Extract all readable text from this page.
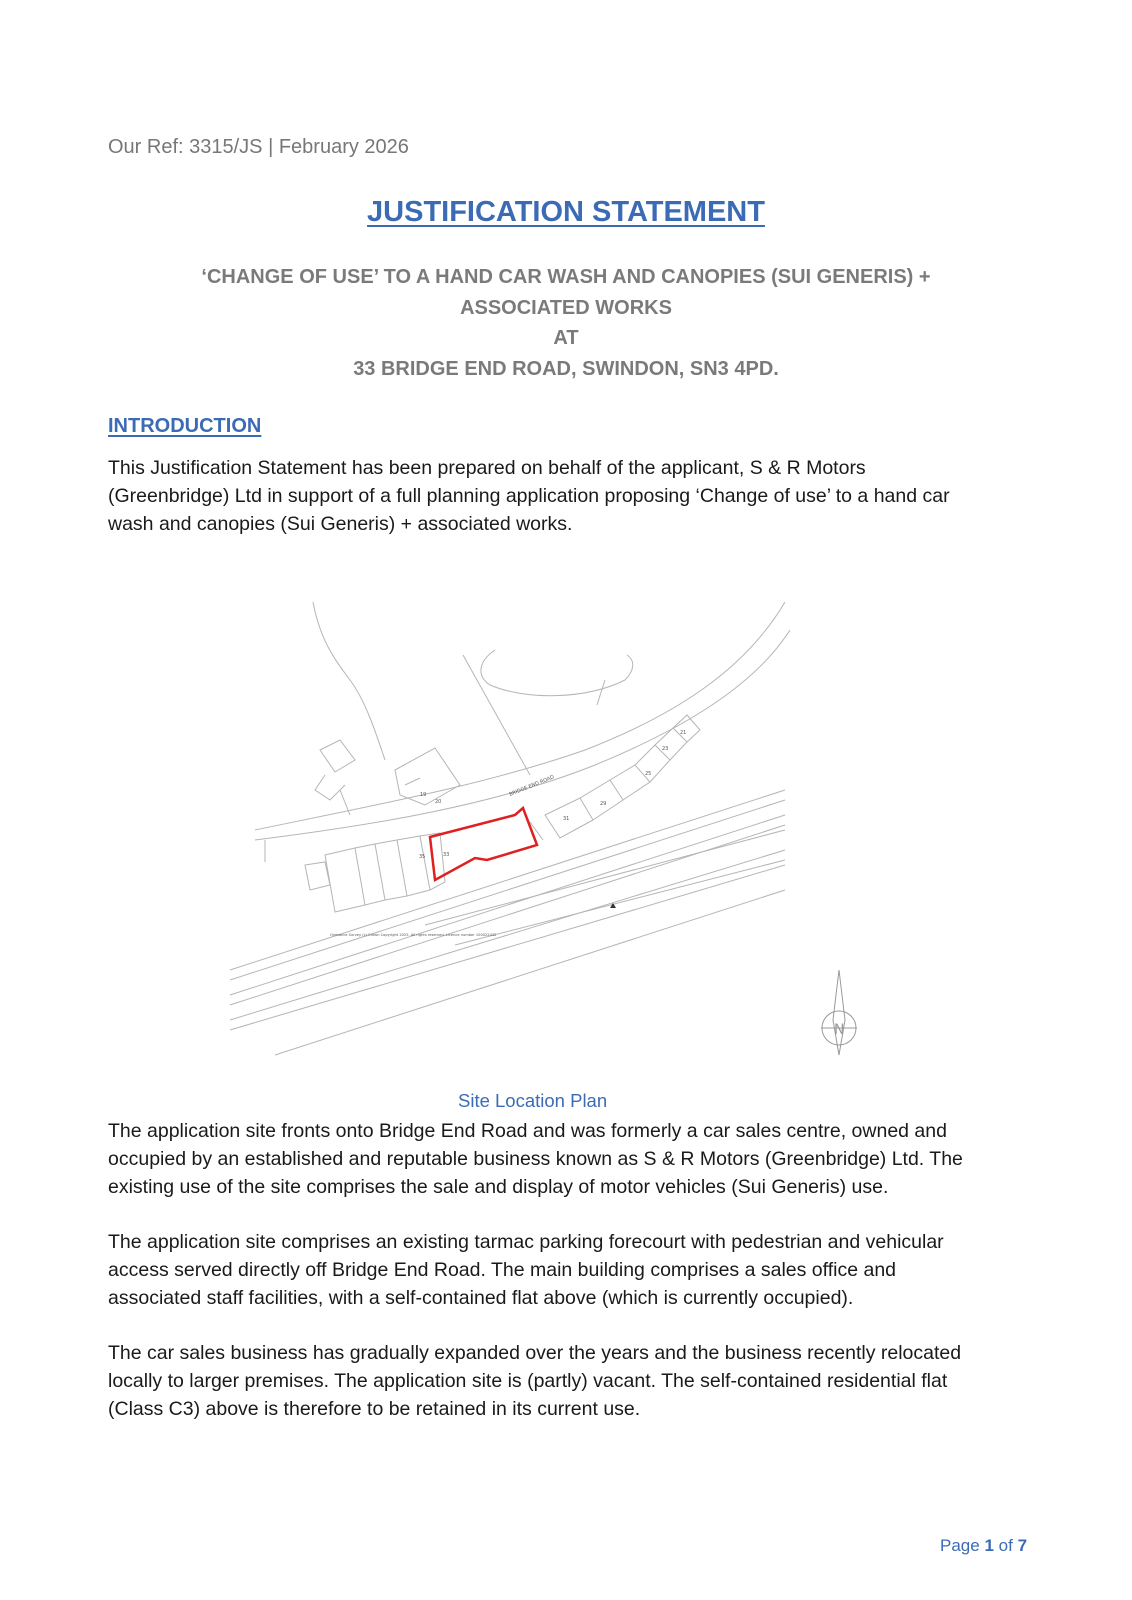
Our Ref: 3315/JS | February 2026
JUSTIFICATION STATEMENT
‘CHANGE OF USE’ TO A HAND CAR WASH AND CANOPIES (SUI GENERIS) +
ASSOCIATED WORKS
AT
33 BRIDGE END ROAD, SWINDON, SN3 4PD.
INTRODUCTION
This Justification Statement has been prepared on behalf of the applicant, S & R Motors
(Greenbridge) Ltd in support of a full planning application proposing ‘Change of use’ to a hand car
wash and canopies (Sui Generis) + associated works.
19
20
31
29
25
23
21
35	33
BRIDGE END ROAD
Ordnance Survey (c) Crown Copyright 2025. All rights reserved. Licence number 100022432
N
Site Location Plan
The application site fronts onto Bridge End Road and was formerly a car sales centre, owned and
occupied by an established and reputable business known as S & R Motors (Greenbridge) Ltd. The
existing use of the site comprises the sale and display of motor vehicles (Sui Generis) use.
The application site comprises an existing tarmac parking forecourt with pedestrian and vehicular
access served directly off Bridge End Road. The main building comprises a sales office and
associated staff facilities, with a self-contained flat above (which is currently occupied).
The car sales business has gradually expanded over the years and the business recently relocated
locally to larger premises. The application site is (partly) vacant. The self-contained residential flat
(Class C3) above is therefore to be retained in its current use.
Page 1 of 7
